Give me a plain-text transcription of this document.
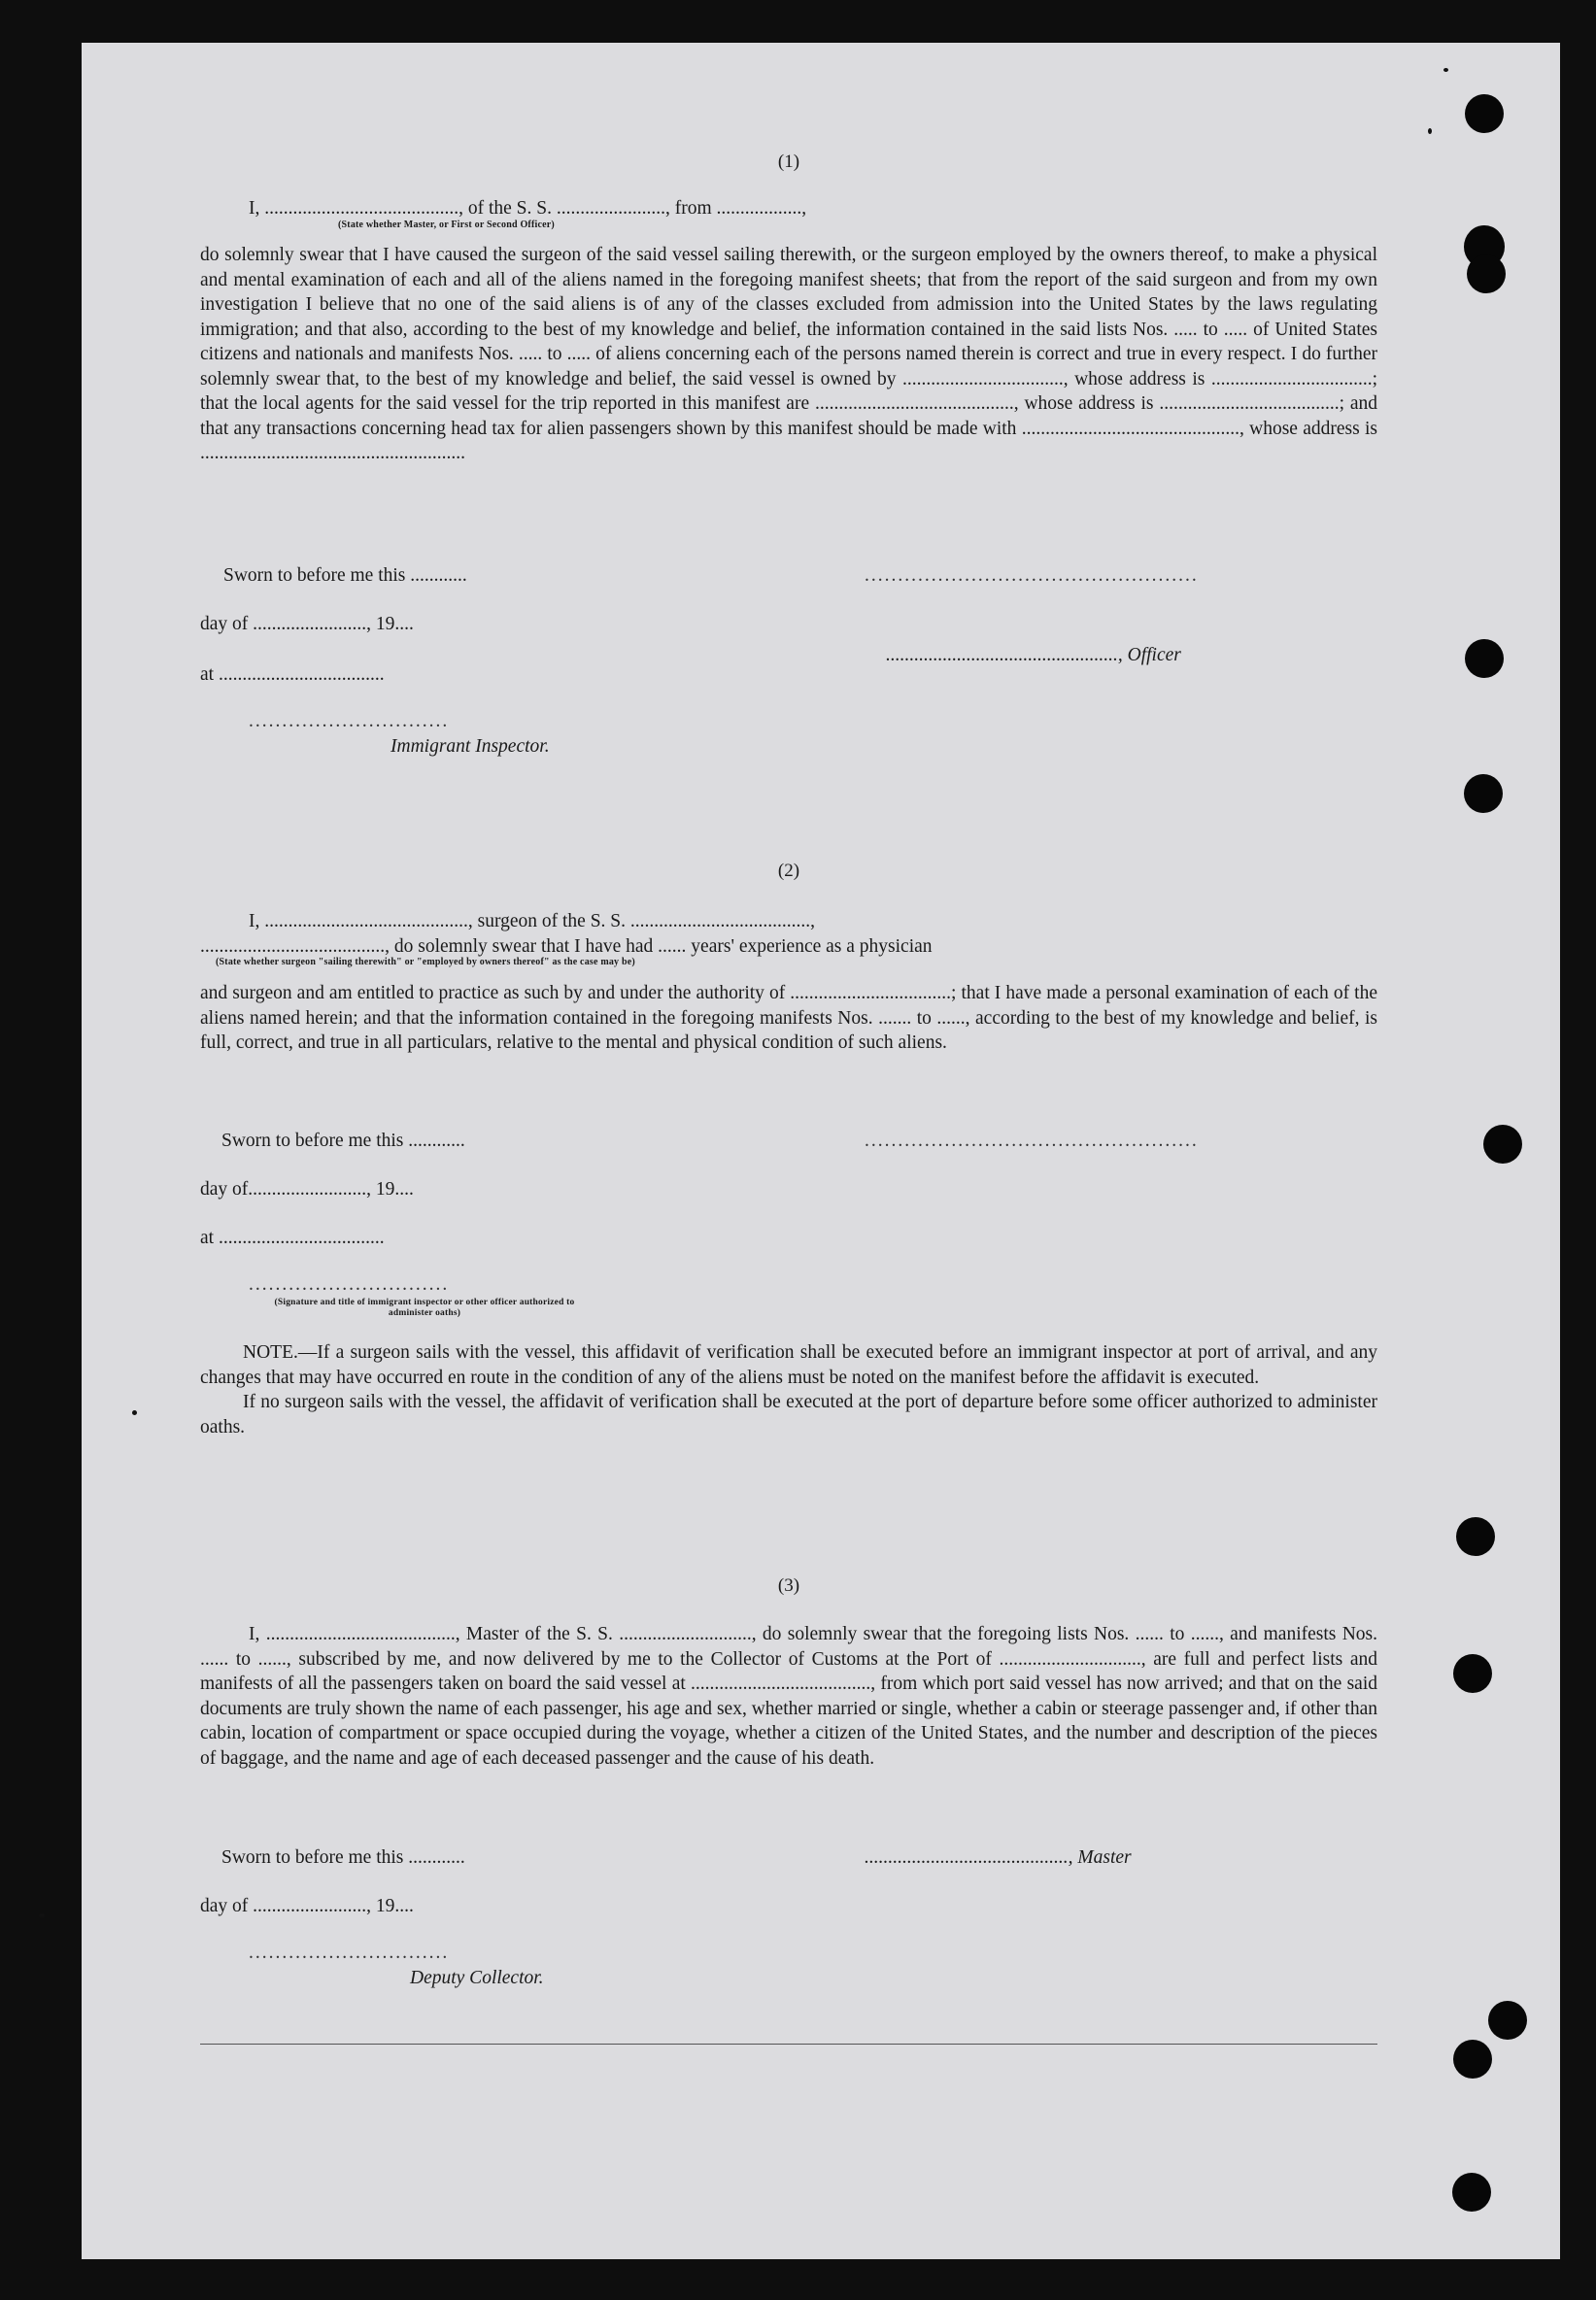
(1)
I, ........................................., of the S. S. ......................., from ..................,
(State whether Master, or First or Second Officer)

do solemnly swear that I have caused the surgeon of the said vessel sailing therewith, or the surgeon employed by the owners thereof, to make a physical and mental examination of each and all of the aliens named in the foregoing manifest sheets; that from the report of the said surgeon and from my own investigation I believe that no one of the said aliens is of any of the classes excluded from admission into the United States by the laws regulating immigration; and that also, according to the best of my knowledge and belief, the information contained in the said lists Nos. ..... to ..... of United States citizens and nationals and manifests Nos. ..... to ..... of aliens concerning each of the persons named therein is correct and true in every respect. I do further solemnly swear that, to the best of my knowledge and belief, the said vessel is owned by .................................., whose address is ..................................; that the local agents for the said vessel for the trip reported in this manifest are .........................................., whose address is ......................................; and that any transactions concerning head tax for alien passengers shown by this manifest should be made with .............................................., whose address is ........................................................

Sworn to before me this ............	..................................................
day of ........................, 19....
................................................., Officer
at ...................................
..............................
Immigrant Inspector.
(2)
I, ..........................................., surgeon of the S. S. ......................................,
......................................., do solemnly swear that I have had ...... years' experience as a physician
(State whether surgeon "sailing therewith" or "employed by owners thereof" as the case may be)

and surgeon and am entitled to practice as such by and under the authority of ..................................; that I have made a personal examination of each of the aliens named herein; and that the information contained in the foregoing manifests Nos. ....... to ......, according to the best of my knowledge and belief, is full, correct, and true in all particulars, relative to the mental and physical condition of such aliens.

Sworn to before me this ............	..................................................
day of........................., 19....
at ...................................
..............................
(Signature and title of immigrant inspector or other officer authorized to administer oaths)

NOTE.—If a surgeon sails with the vessel, this affidavit of verification shall be executed before an immigrant inspector at port of arrival, and any changes that may have occurred en route in the condition of any of the aliens must be noted on the manifest before the affidavit is executed.

If no surgeon sails with the vessel, the affidavit of verification shall be executed at the port of departure before some officer authorized to administer oaths.

(3)

I, ........................................, Master of the S. S. ............................, do solemnly swear that the foregoing lists Nos. ...... to ......, and manifests Nos. ...... to ......, subscribed by me, and now delivered by me to the Collector of Customs at the Port of .............................., are full and perfect lists and manifests of all the passengers taken on board the said vessel at ......................................, from which port said vessel has now arrived; and that on the said documents are truly shown the name of each passenger, his age and sex, whether married or single, whether a cabin or steerage passenger and, if other than cabin, location of compartment or space occupied during the voyage, whether a citizen of the United States, and the number and description of the pieces of baggage, and the name and age of each deceased passenger and the cause of his death.

Sworn to before me this ............	..........................................., Master
day of ........................, 19....
..............................
Deputy Collector.
